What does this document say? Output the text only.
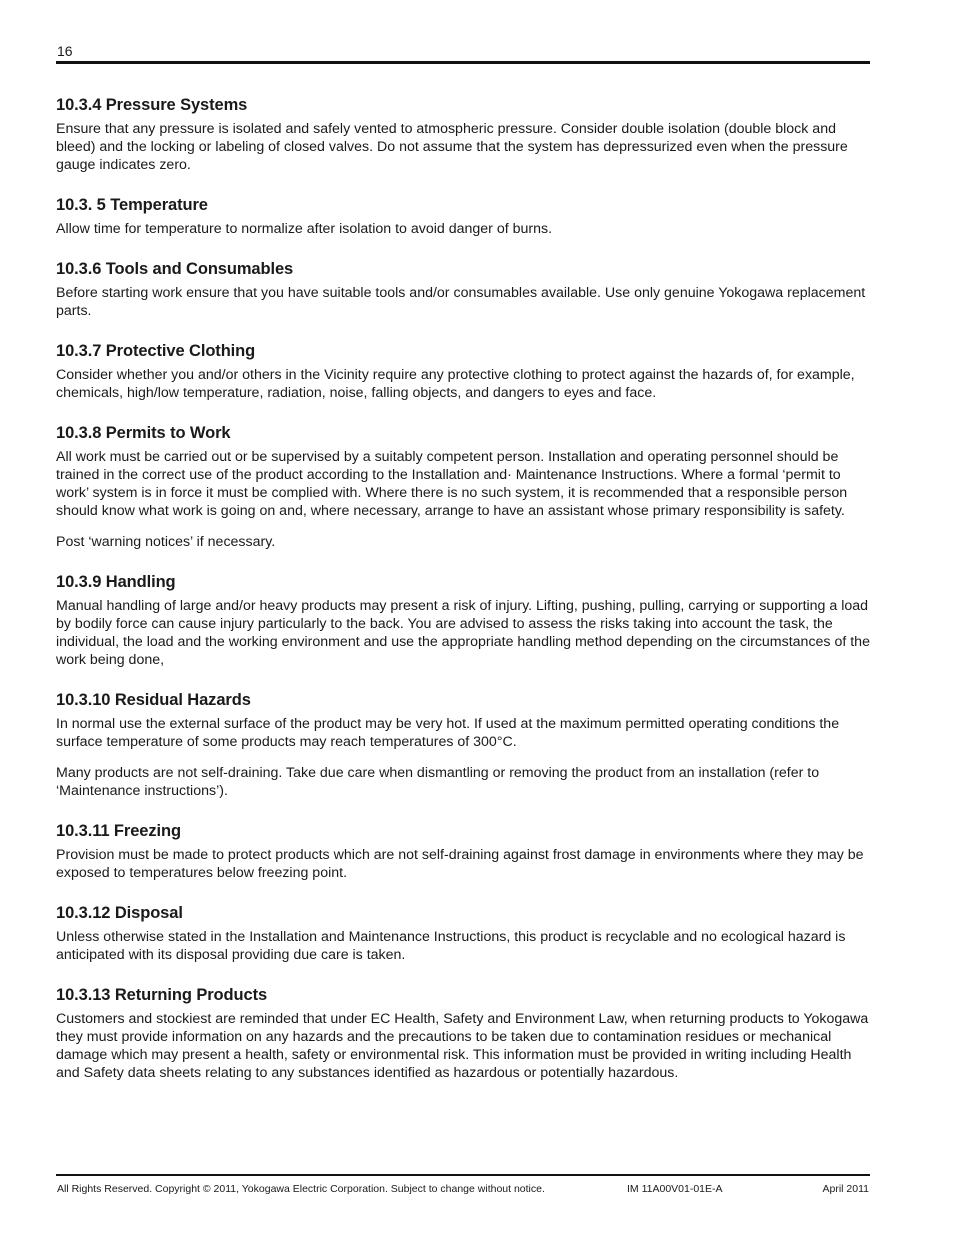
16
10.3.4 Pressure Systems

Ensure that any pressure is isolated and safely vented to atmospheric pressure. Consider double isolation (double block and bleed) and the locking or labeling of closed valves. Do not assume that the system has depressurized even when the pressure gauge indicates zero.

10.3. 5 Temperature

Allow time for temperature to normalize after isolation to avoid danger of burns.

10.3.6 Tools and Consumables

Before starting work ensure that you have suitable tools and/or consumables available. Use only genuine Yokogawa replacement parts.

10.3.7 Protective Clothing

Consider whether you and/or others in the Vicinity require any protective clothing to protect against the hazards of, for example, chemicals, high/low temperature, radiation, noise, falling objects, and dangers to eyes and face.

10.3.8 Permits to Work

All work must be carried out or be supervised by a suitably competent person. Installation and operating personnel should be trained in the correct use of the product according to the Installation and· Maintenance Instructions. Where a formal ‘permit to work’ system is in force it must be complied with. Where there is no such system, it is recommended that a responsible person should know what work is going on and, where necessary, arrange to have an assistant whose primary responsibility is safety.

Post ‘warning notices’ if necessary.

10.3.9 Handling

Manual handling of large and/or heavy products may present a risk of injury. Lifting, pushing, pulling, carrying or supporting a load by bodily force can cause injury particularly to the back. You are advised to assess the risks taking into account the task, the individual, the load and the working environment and use the appropriate handling method depending on the circumstances of the work being done,

10.3.10 Residual Hazards

In normal use the external surface of the product may be very hot. If used at the maximum permitted operating conditions the surface temperature of some products may reach temperatures of 300°C.

Many products are not self-draining. Take due care when dismantling or removing the product from an installation (refer to ‘Maintenance instructions’).

10.3.11 Freezing

Provision must be made to protect products which are not self-draining against frost damage in environments where they may be exposed to temperatures below freezing point.

10.3.12 Disposal

Unless otherwise stated in the Installation and Maintenance Instructions, this product is recyclable and no ecological hazard is anticipated with its disposal providing due care is taken.

10.3.13 Returning Products

Customers and stockiest are reminded that under EC Health, Safety and Environment Law, when returning products to Yokogawa they must provide information on any hazards and the precautions to be taken due to contamination residues or mechanical damage which may present a health, safety or environmental risk. This information must be provided in writing including Health and Safety data sheets relating to any substances identified as hazardous or potentially hazardous.

All Rights Reserved. Copyright © 2011, Yokogawa Electric Corporation. Subject to change without notice.	IM 11A00V01-01E-A	April 2011
